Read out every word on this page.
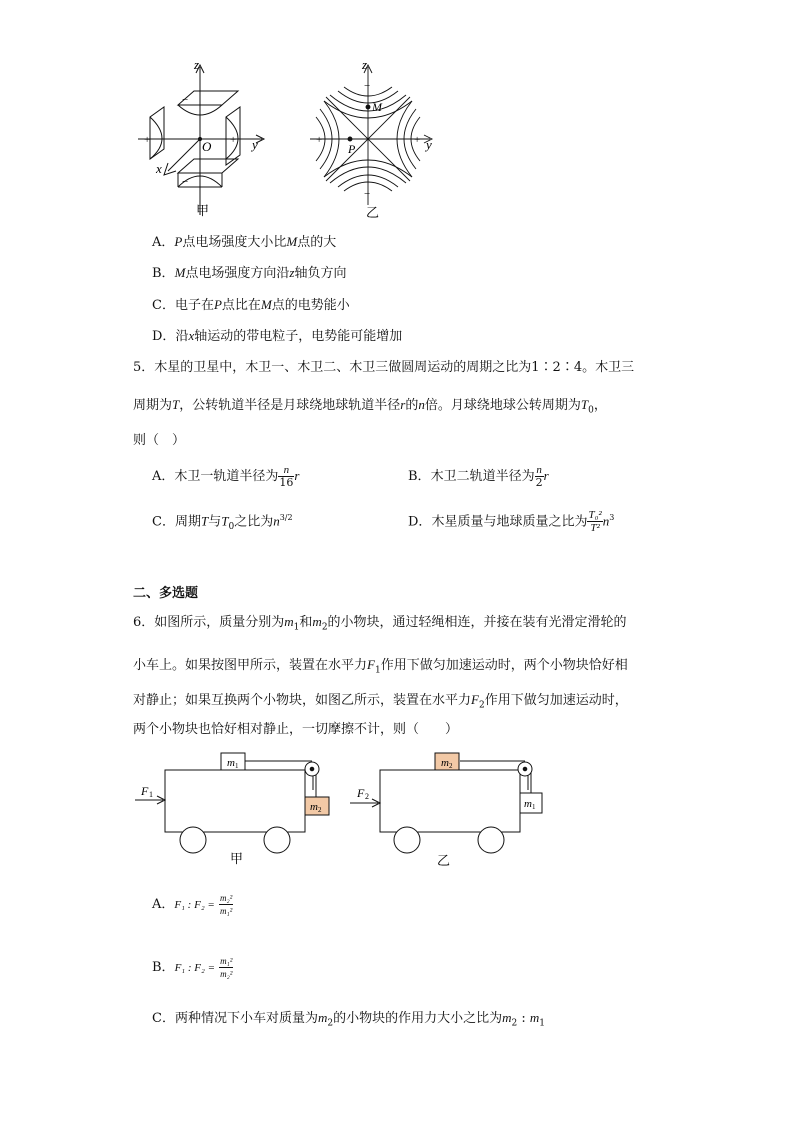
z
y
x
O
−
−
+	+
甲
z
y
M
P
−
−
+	+
乙
A．P点电场强度大小比M点的大
B．M点电场强度方向沿z轴负方向
C．电子在P点比在M点的电势能小
D．沿x轴运动的带电粒子，电势能可能增加
5．木星的卫星中，木卫一、木卫二、木卫三做圆周运动的周期之比为1∶2∶4。木卫三
周期为T，公转轨道半径是月球绕地球轨道半径r的n倍。月球绕地球公转周期为$T_0$，
则（　）
A．木卫一轨道半径为 $\frac{n}{16}$ r	B．木卫二轨道半径为 $\frac{n}{2}$ r
C．周期T与$T_0$之比为$n^{3/2}$	D．木星质量与地球质量之比为 $\frac{\text{T₀²}}{\text{T²}} n^3$
二、多选题
6．如图所示，质量分别为$m_1$和$m_2$的小物块，通过轻绳相连，并接在装有光滑定滑轮的
小车上。如果按图甲所示，装置在水平力$F_1$作用下做匀加速运动时，两个小物块恰好相
对静止；如果互换两个小物块，如图乙所示，装置在水平力$F_2$作用下做匀加速运动时，
两个小物块也恰好相对静止，一切摩擦不计，则（　　）
m 1
m 2
m 2
m 1
F 1	F 2
甲	乙
A．F₁ : $F_2 = \frac{\text{m₂²}}{\text{m₁²}}$
B．F₁ : $F_2 = \frac{\text{m₁²}}{\text{m₂²}}$
C．两种情况下小车对质量为$m_2$的小物块的作用力大小之比为$m_2$ : $m_1$
